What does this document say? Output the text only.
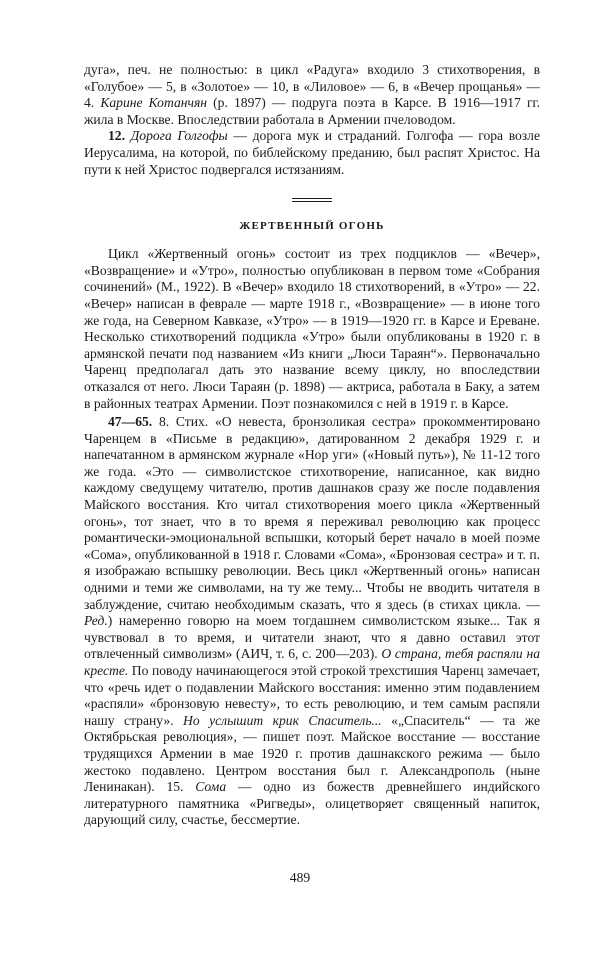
дуга», печ. не полностью: в цикл «Радуга» входило 3 стихотворения, в «Голубое» — 5, в «Золотое» — 10, в «Лиловое» — 6, в «Вечер прощанья» — 4. Карине Котанчян (р. 1897) — подруга поэта в Карсе. В 1916—1917 гг. жила в Москве. Впоследствии работала в Армении пчеловодом.

12. Дорога Голгофы — дорога мук и страданий. Голгофа — гора возле Иерусалима, на которой, по библейскому преданию, был распят Христос. На пути к ней Христос подвергался истязаниям.

ЖЕРТВЕННЫЙ ОГОНЬ

Цикл «Жертвенный огонь» состоит из трех подциклов — «Вечер», «Возвращение» и «Утро», полностью опубликован в первом томе «Собрания сочинений» (М., 1922). В «Вечер» входило 18 стихотворений, в «Утро» — 22. «Вечер» написан в феврале — марте 1918 г., «Возвращение» — в июне того же года, на Северном Кавказе, «Утро» — в 1919—1920 гг. в Карсе и Ереване. Несколько стихотворений подцикла «Утро» были опубликованы в 1920 г. в армянской печати под названием «Из книги „Люси Тараян“». Первоначально Чаренц предполагал дать это название всему циклу, но впоследствии отказался от него. Люси Тараян (р. 1898) — актриса, работала в Баку, а затем в районных театрах Армении. Поэт познакомился с ней в 1919 г. в Карсе.

47—65. 8. Стих. «О невеста, бронзоликая сестра» прокомментировано Чаренцем в «Письме в редакцию», датированном 2 декабря 1929 г. и напечатанном в армянском журнале «Нор уги» («Новый путь»), № 11-12 того же года. «Это — символистское стихотворение, написанное, как видно каждому сведущему читателю, против дашнаков сразу же после подавления Майского восстания. Кто читал стихотворения моего цикла «Жертвенный огонь», тот знает, что в то время я переживал революцию как процесс романтически-эмоциональной вспышки, который берет начало в моей поэме «Сома», опубликованной в 1918 г. Словами «Сома», «Бронзовая сестра» и т. п. я изображаю вспышку революции. Весь цикл «Жертвенный огонь» написан одними и теми же символами, на ту же тему... Чтобы не вводить читателя в заблуждение, считаю необходимым сказать, что я здесь (в стихах цикла. — Ред.) намеренно говорю на моем тогдашнем символистском языке... Так я чувствовал в то время, и читатели знают, что я давно оставил этот отвлеченный символизм» (АИЧ, т. 6, с. 200—203). О страна, тебя распяли на кресте. По поводу начинающегося этой строкой трехстишия Чаренц замечает, что «речь идет о подавлении Майского восстания: именно этим подавлением «распяли» «бронзовую невесту», то есть революцию, и тем самым распяли нашу страну». Но услышит крик Спаситель... «„Спаситель“ — та же Октябрьская революция», — пишет поэт. Майское восстание — восстание трудящихся Армении в мае 1920 г. против дашнакского режима — было жестоко подавлено. Центром восстания был г. Александрополь (ныне Ленинакан). 15. Сома — одно из божеств древнейшего индийского литературного памятника «Ригведы», олицетворяет священный напиток, дарующий силу, счастье, бессмертие.

489
